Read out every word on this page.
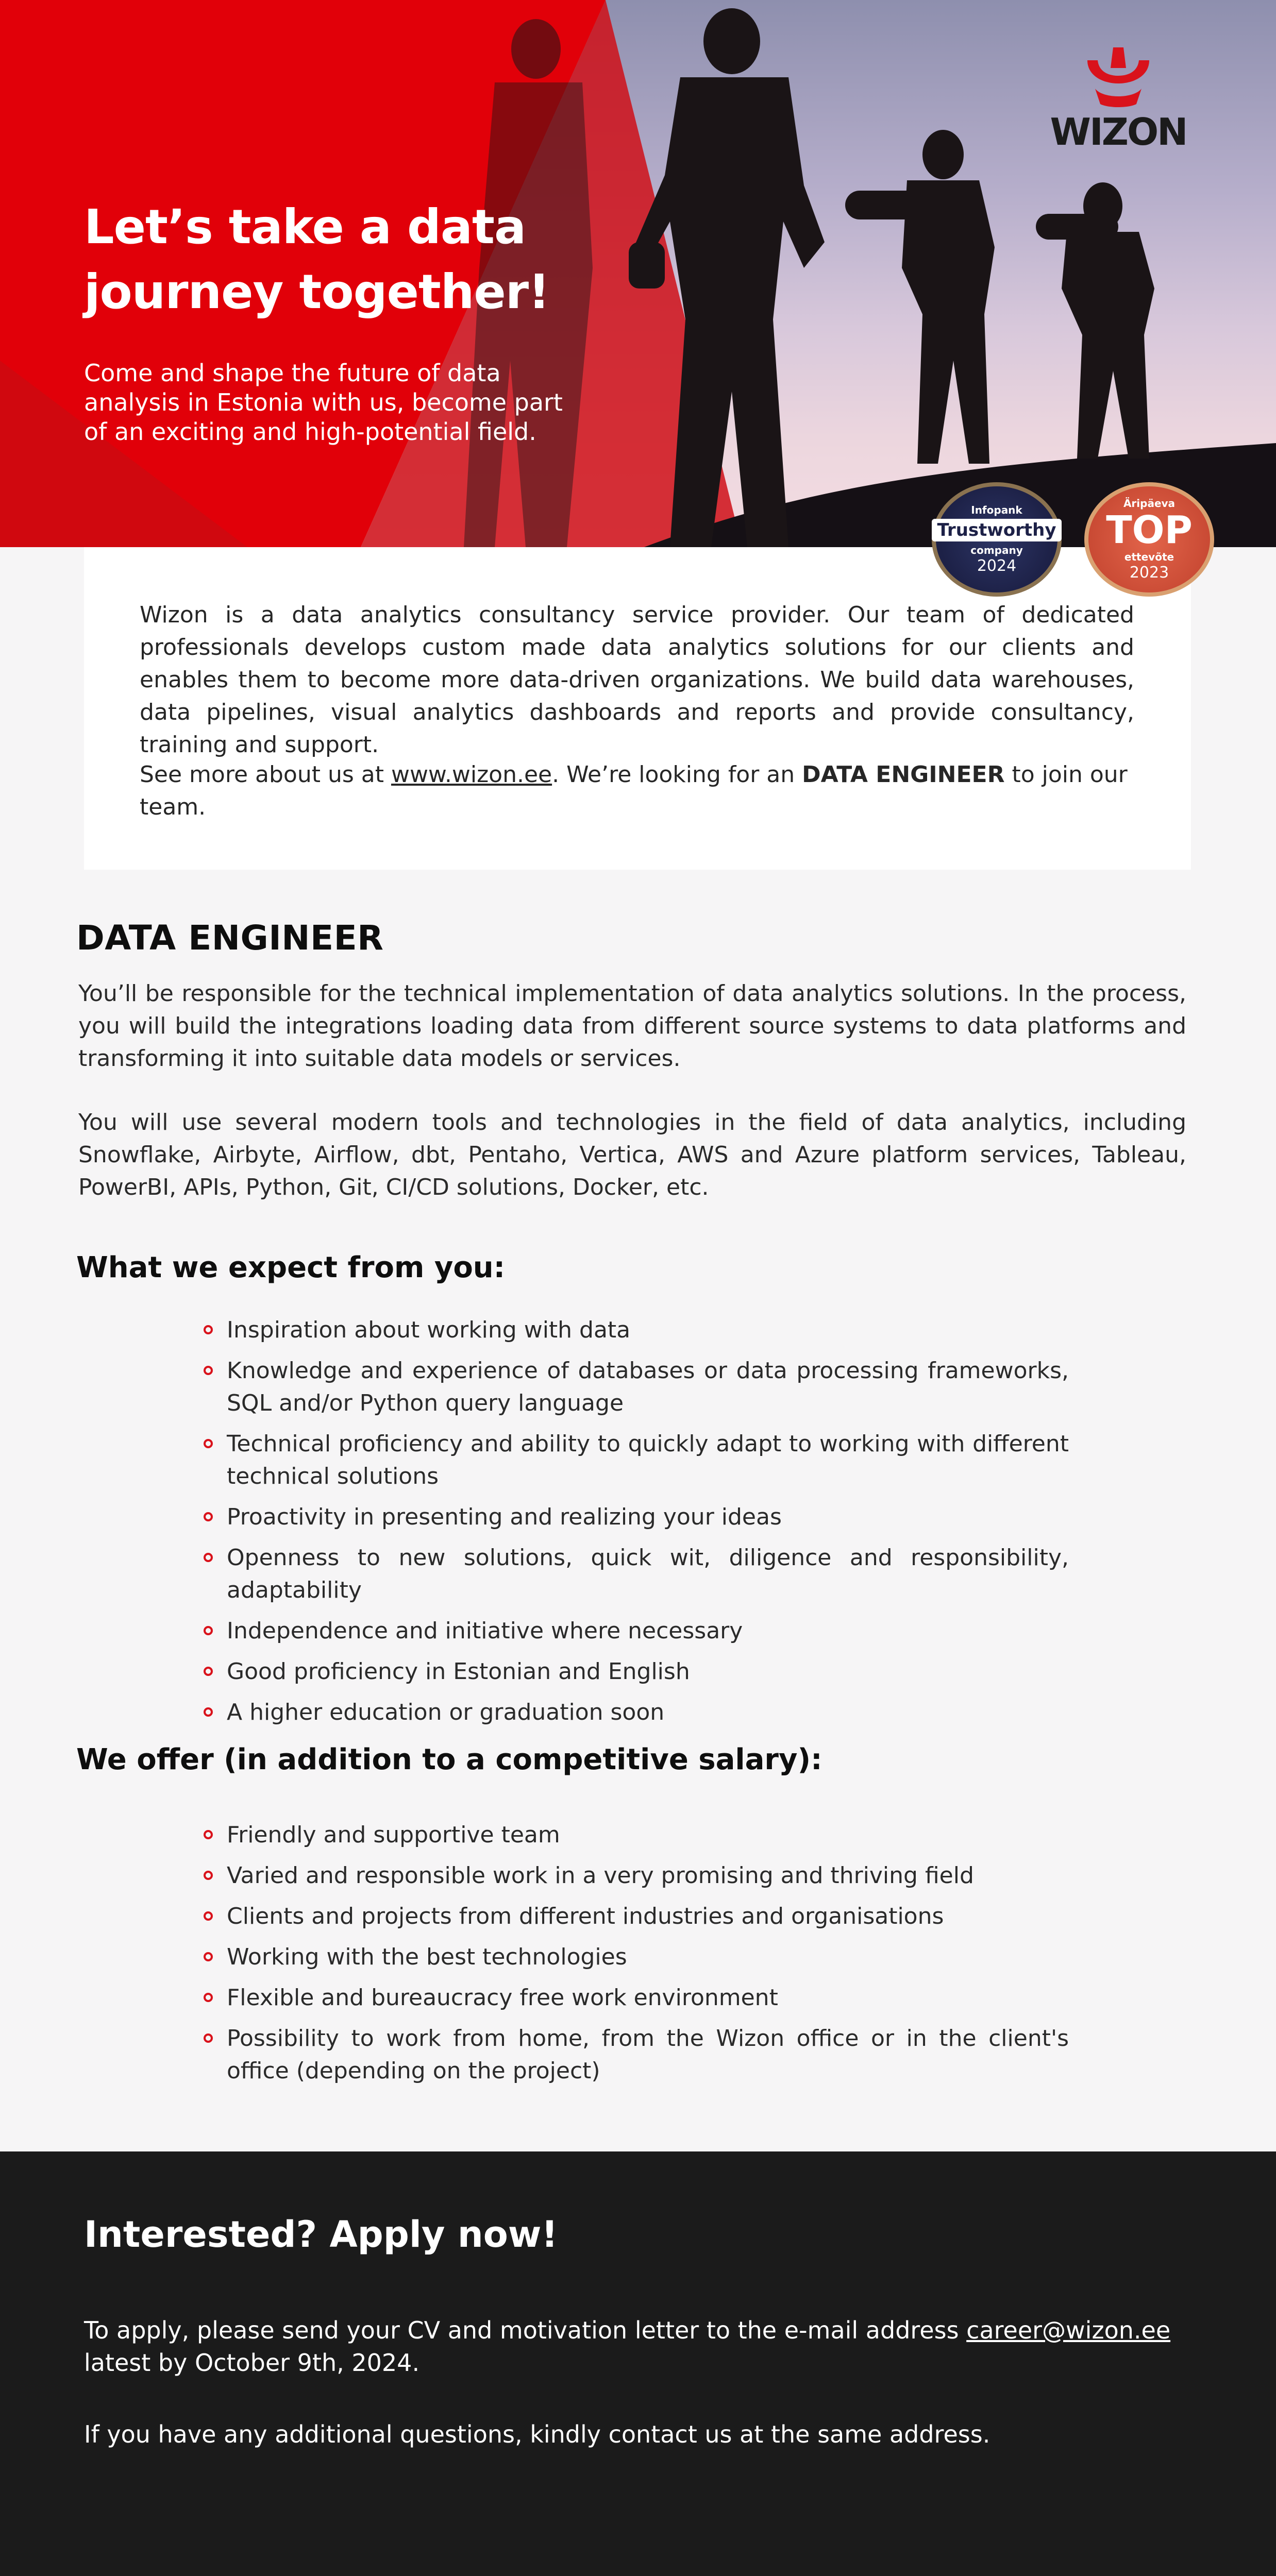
WIZON
Let’s take a data
journey together!

Come and shape the future of data analysis in Estonia with us, become part of an exciting and high-potential field.

Wizon is a data analytics consultancy service provider. Our team of dedicated professionals develops custom made data analytics solutions for our clients and enables them to become more data-driven organizations. We build data warehouses, data pipelines, visual analytics dashboards and reports and provide consultancy, training and support.

See more about us at www.wizon.ee. We’re looking for an DATA ENGINEER to join our team.

Infopank
Trustworthy
company
2024
Äripäeva
TOP
ettevõte
2023
DATA ENGINEER

You’ll be responsible for the technical implementation of data analytics solutions. In the process, you will build the integrations loading data from different source systems to data platforms and transforming it into suitable data models or services.

You will use several modern tools and technologies in the field of data analytics, including Snowflake, Airbyte, Airflow, dbt, Pentaho, Vertica, AWS and Azure platform services, Tableau, PowerBI, APIs, Python, Git, CI/CD solutions, Docker, etc.

What we expect from you:
Inspiration about working with data
Knowledge and experience of databases or data processing frameworks, SQL and/or Python query language
Technical proficiency and ability to quickly adapt to working with different technical solutions
Proactivity in presenting and realizing your ideas
Openness to new solutions, quick wit, diligence and responsibility, adaptability
Independence and initiative where necessary
Good proficiency in Estonian and English
A higher education or graduation soon
We offer (in addition to a competitive salary):
Friendly and supportive team
Varied and responsible work in a very promising and thriving field
Clients and projects from different industries and organisations
Working with the best technologies
Flexible and bureaucracy free work environment
Possibility to work from home, from the Wizon office or in the client's office (depending on the project)
Interested? Apply now!

To apply, please send your CV and motivation letter to the e-mail address career@wizon.ee
latest by October 9th, 2024.

If you have any additional questions, kindly contact us at the same address.
